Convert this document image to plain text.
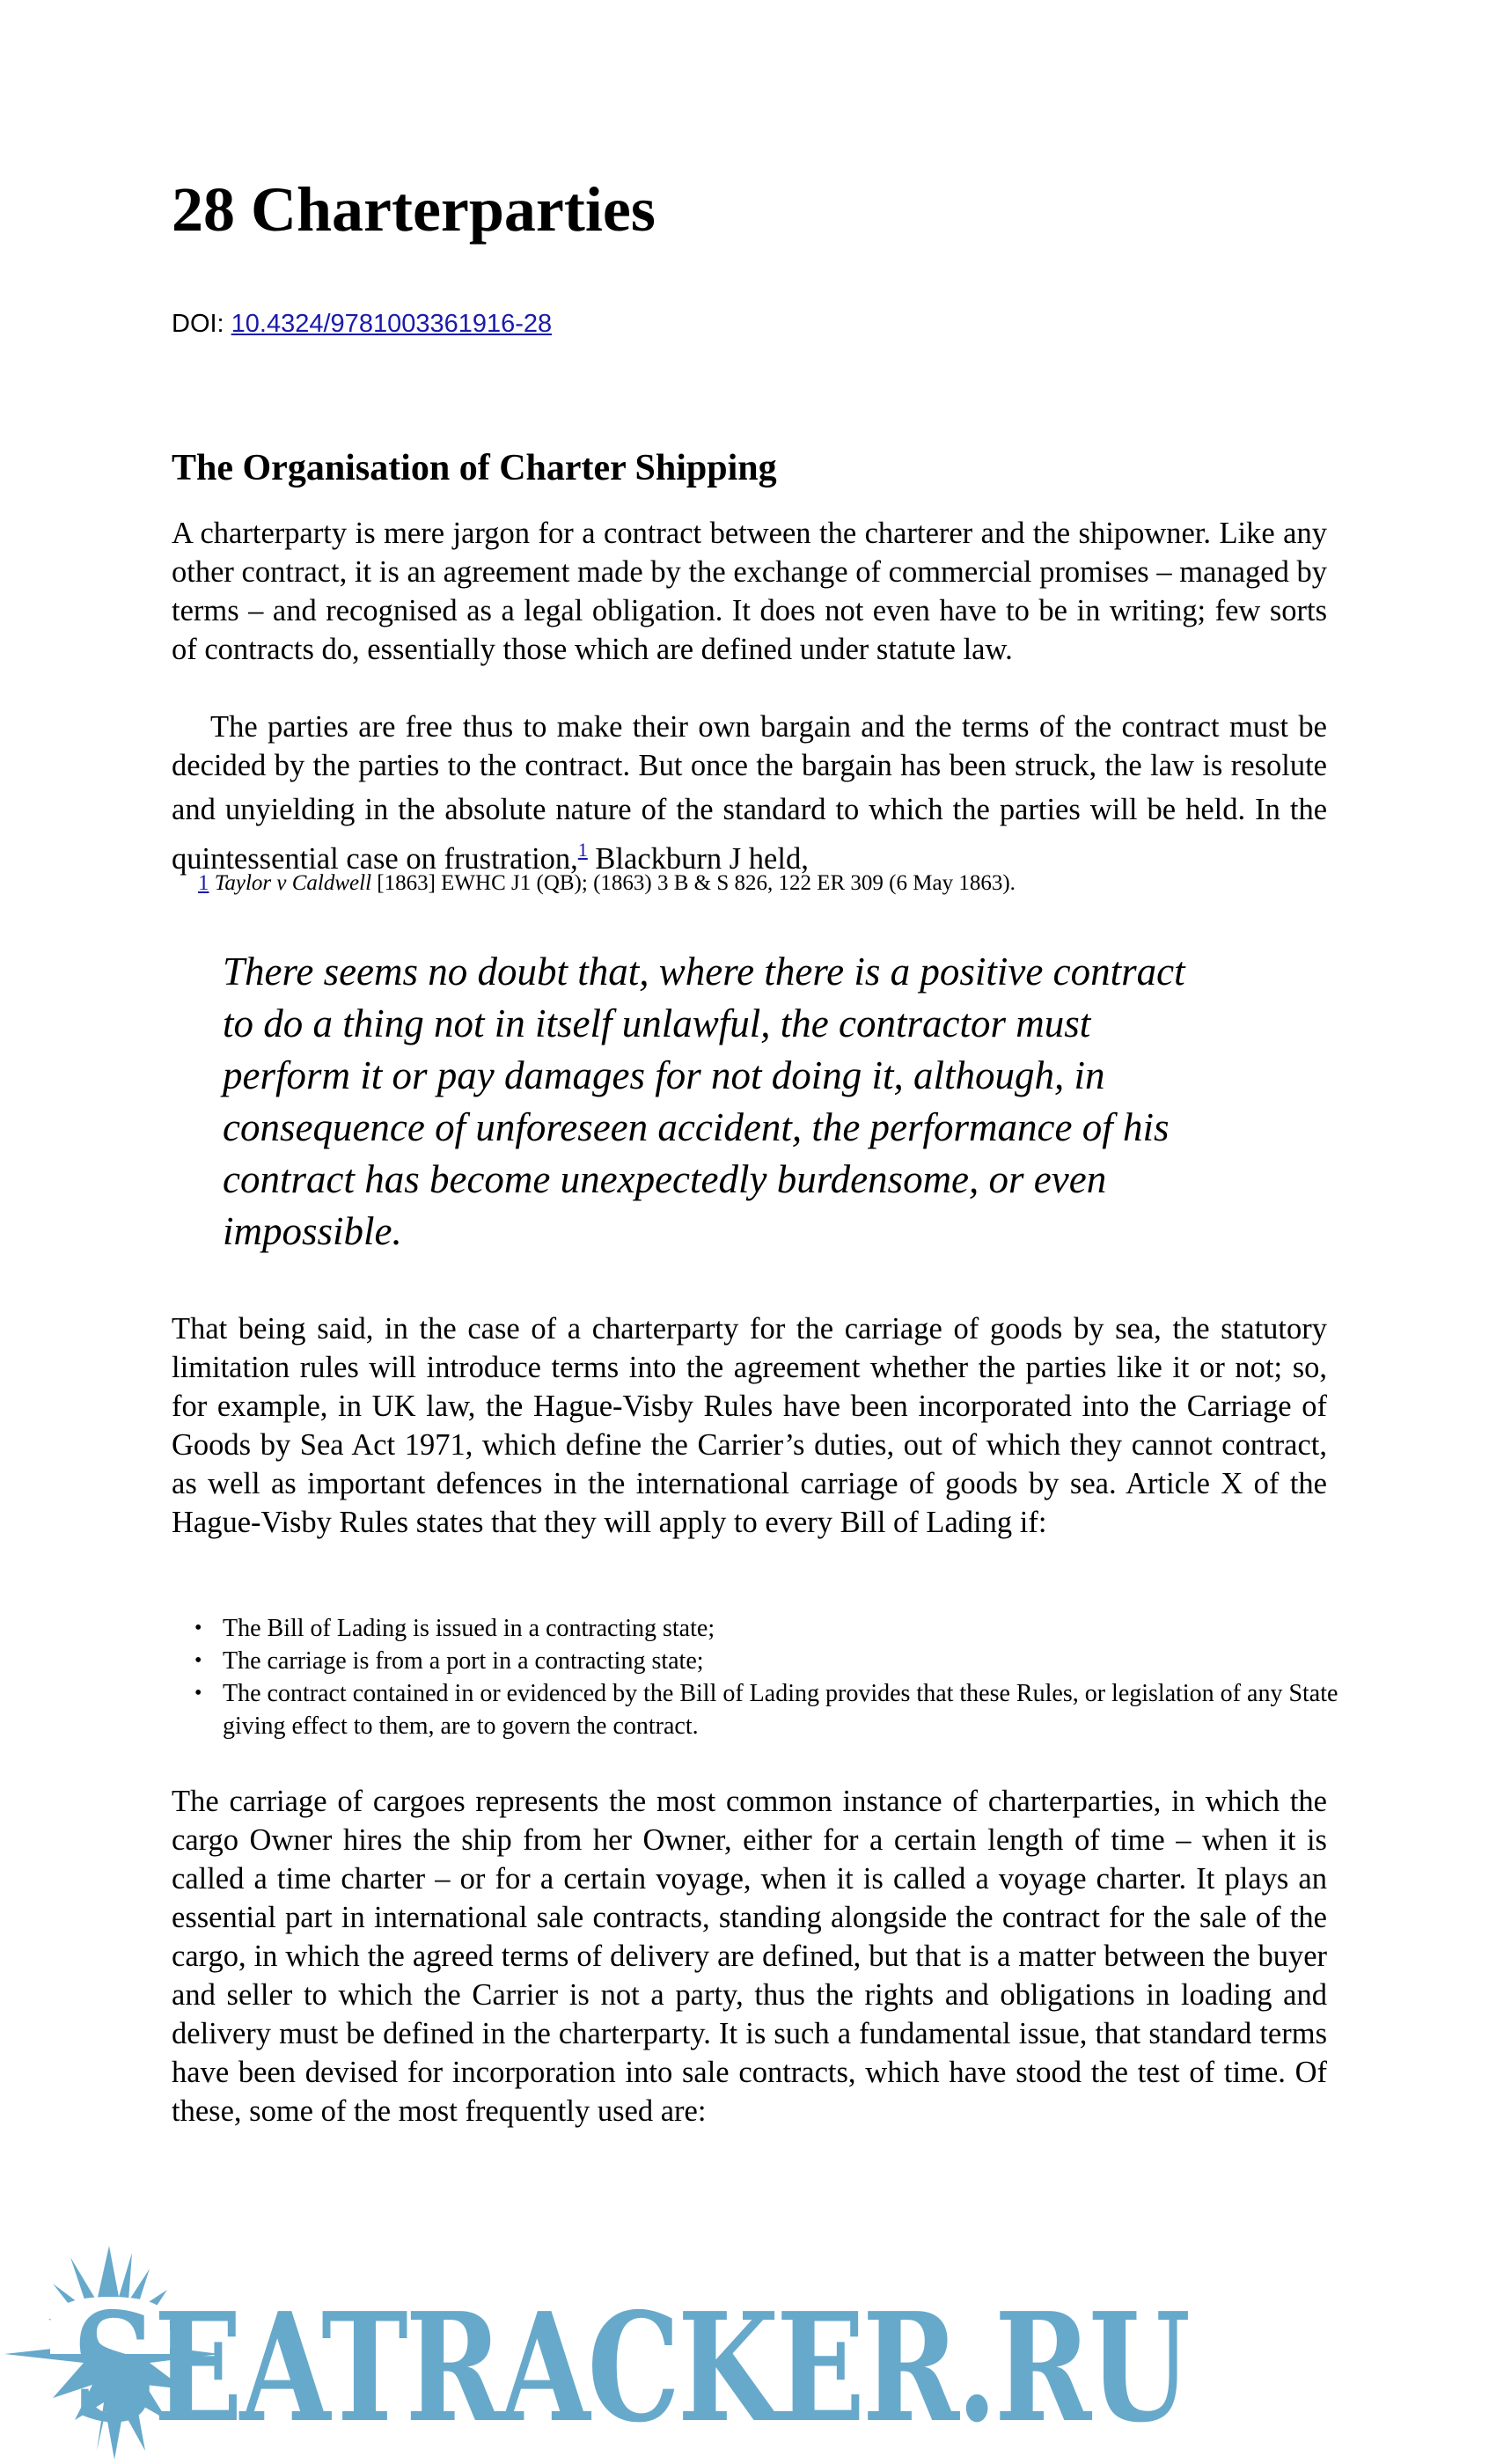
28 Charterparties
DOI: 10.4324/9781003361916-28
The Organisation of Charter Shipping

A charterparty is mere jargon for a contract between the charterer and the shipowner. Like any other contract, it is an agreement made by the exchange of commercial promises – managed by terms – and recognised as a legal obligation. It does not even have to be in writing; few sorts of contracts do, essentially those which are defined under statute law.

The parties are free thus to make their own bargain and the terms of the contract must be decided by the parties to the contract. But once the bargain has been struck, the law is resolute and unyielding in the absolute nature of the standard to which the parties will be held. In the quintessential case on frustration,$^1$ Blackburn J held,

1 Taylor v Caldwell [1863] EWHC J1 (QB); (1863) 3 B & S 826, 122 ER 309 (6 May 1863).
There seems no doubt that, where there is a positive contract to do a thing not in itself unlawful, the contractor must perform it or pay damages for not doing it, although, in consequence of unforeseen accident, the performance of his contract has become unexpectedly burdensome, or even impossible.

That being said, in the case of a charterparty for the carriage of goods by sea, the statutory limitation rules will introduce terms into the agreement whether the parties like it or not; so, for example, in UK law, the Hague-Visby Rules have been incorporated into the Carriage of Goods by Sea Act 1971, which define the Carrier’s duties, out of which they cannot contract, as well as important defences in the international carriage of goods by sea. Article X of the Hague-Visby Rules states that they will apply to every Bill of Lading if:

• The Bill of Lading is issued in a contracting state;
• The carriage is from a port in a contracting state;
• The contract contained in or evidenced by the Bill of Lading provides that these Rules, or legislation of any State giving effect to them, are to govern the contract.

The carriage of cargoes represents the most common instance of charterparties, in which the cargo Owner hires the ship from her Owner, either for a certain length of time – when it is called a time charter – or for a certain voyage, when it is called a voyage charter. It plays an essential part in international sale contracts, standing alongside the contract for the sale of the cargo, in which the agreed terms of delivery are defined, but that is a matter between the buyer and seller to which the Carrier is not a party, thus the rights and obligations in loading and delivery must be defined in the charterparty. It is such a fundamental issue, that standard terms have been devised for incorporation into sale contracts, which have stood the test of time. Of these, some of the most frequently used are:

SEATRACKER.RU
